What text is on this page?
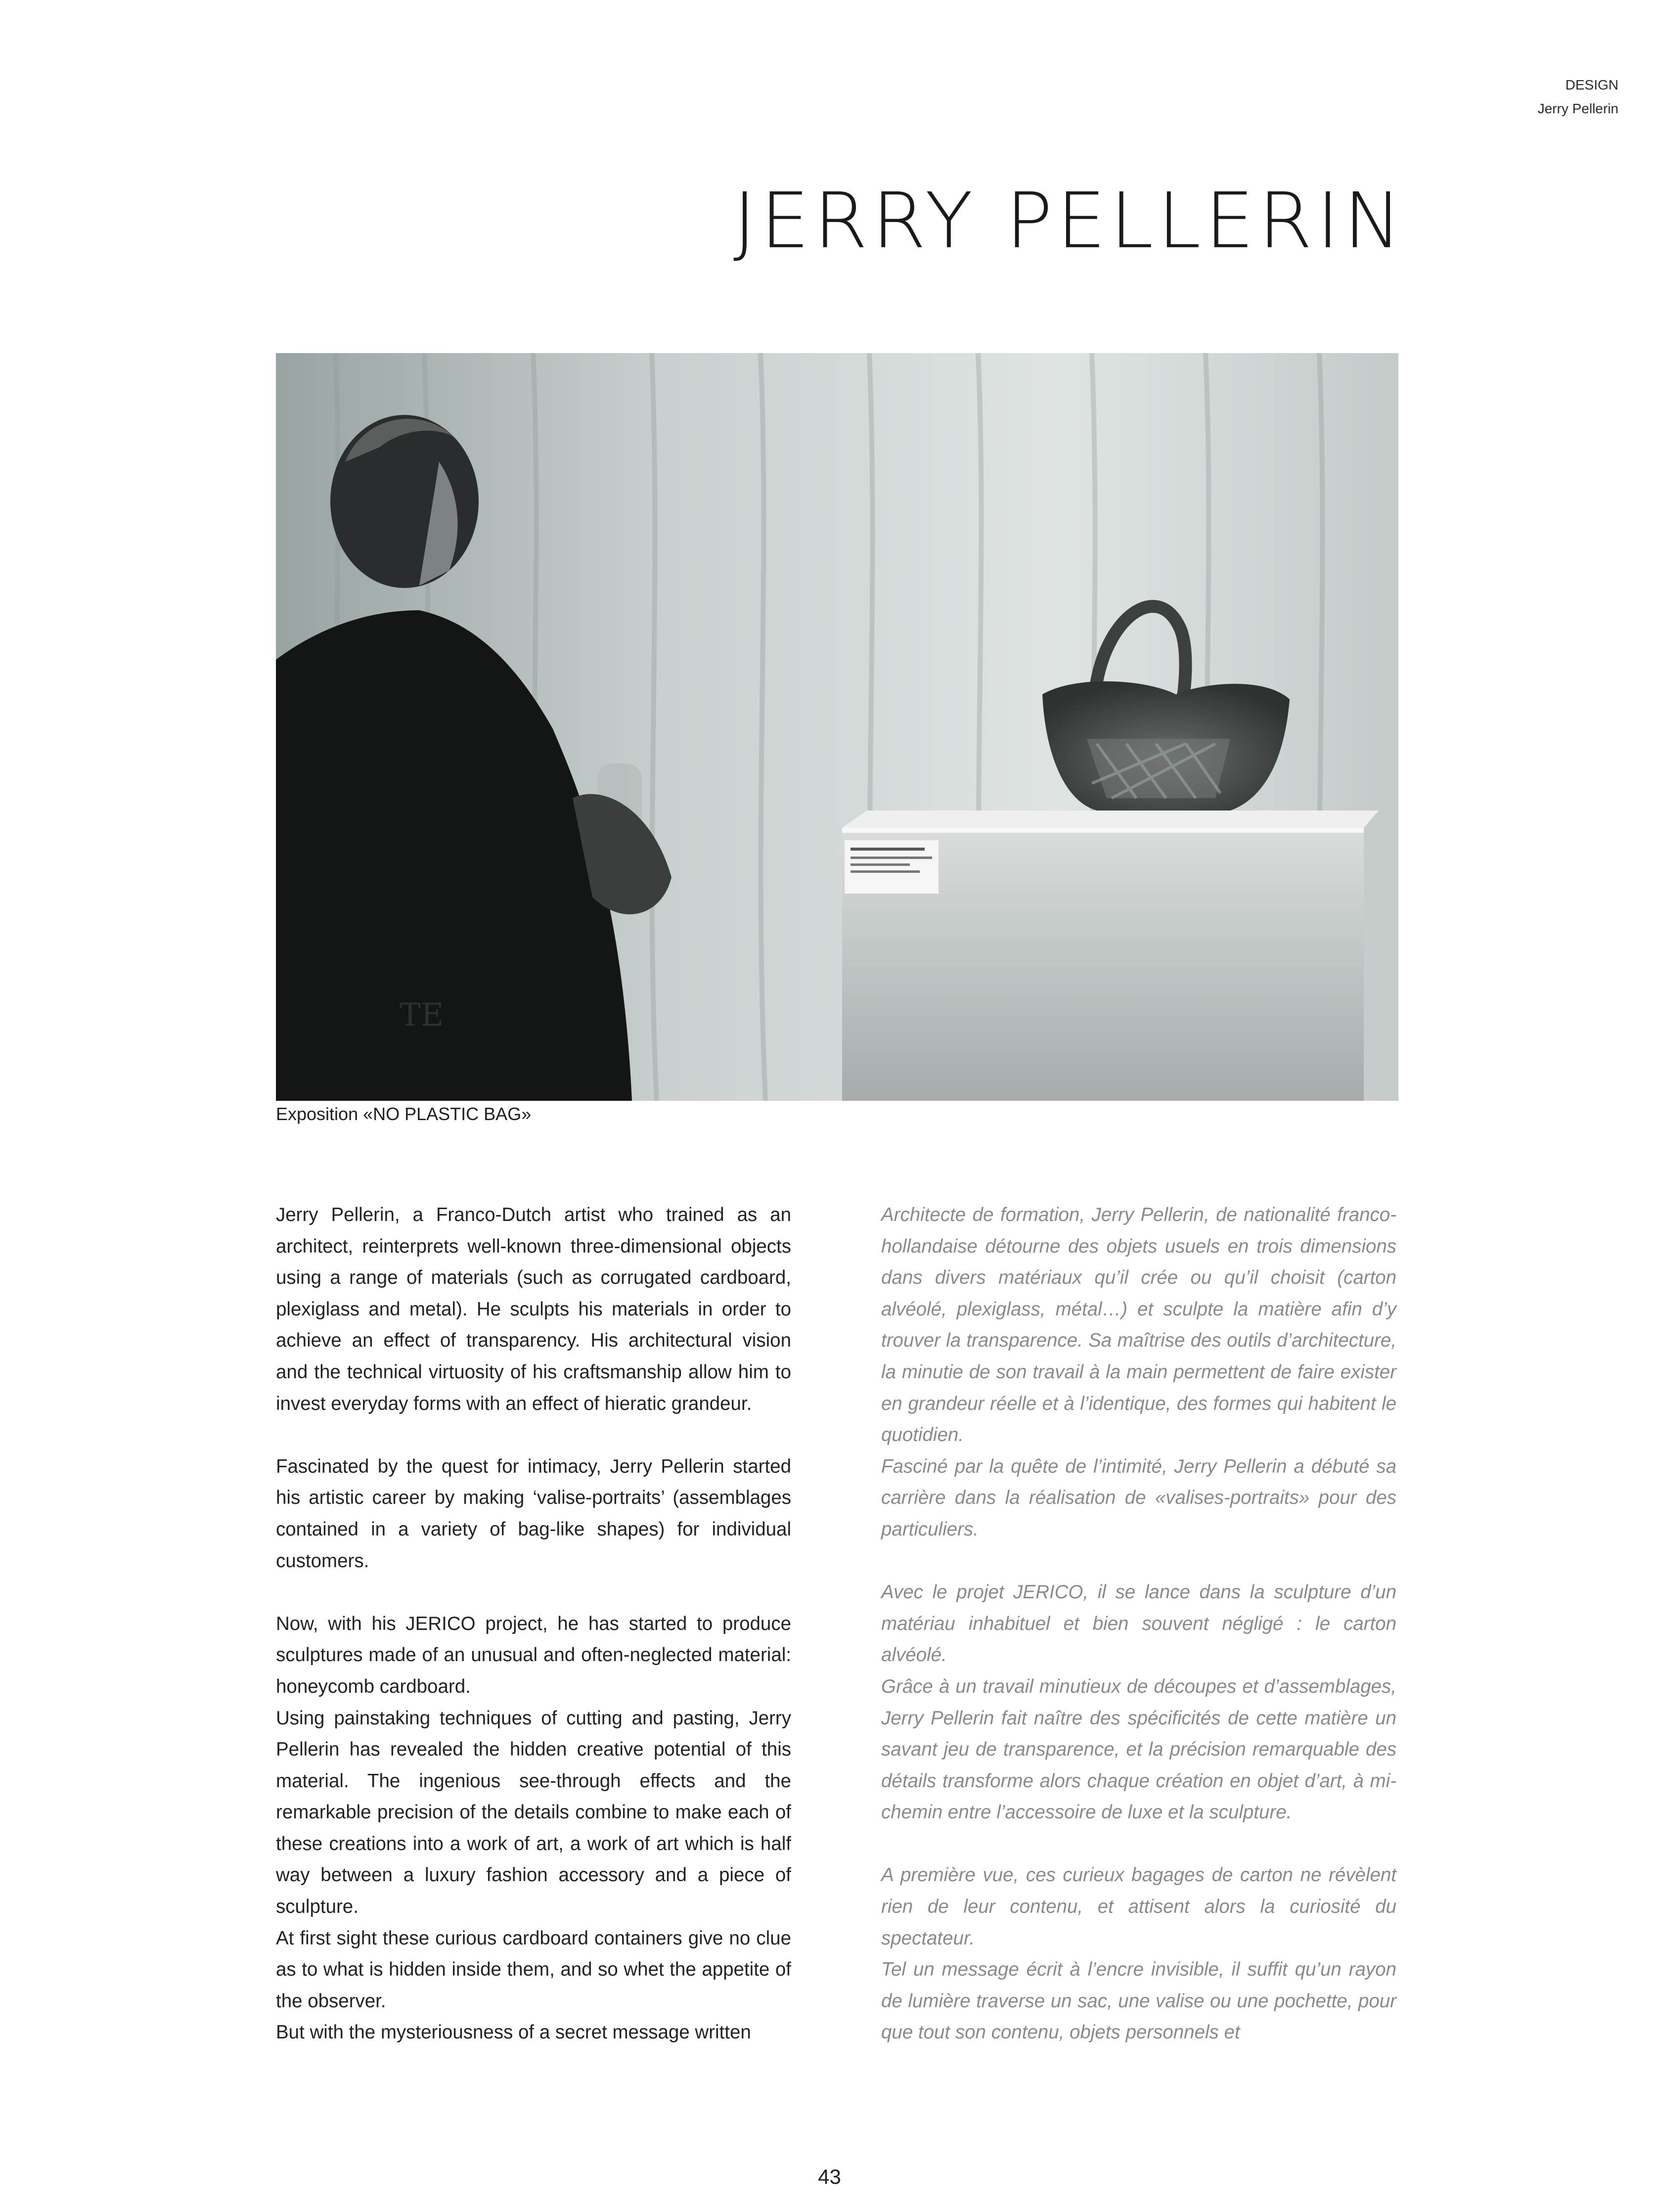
DESIGN
Jerry Pellerin
JERRY PELLERIN
TE
Exposition «NO PLASTIC BAG»

Jerry Pellerin, a Franco-Dutch artist who trained as an architect, reinterprets well-known three-dimensional objects using a range of materials (such as corrugated cardboard, plexiglass and metal). He sculpts his materials in order to achieve an effect of transparency. His architectural vision and the technical virtuosity of his craftsmanship allow him to invest everyday forms with an effect of hieratic grandeur.

Fascinated by the quest for intimacy, Jerry Pellerin started his artistic career by making ‘valise-portraits’ (assemblages contained in a variety of bag-like shapes) for individual customers.

Now, with his JERICO project, he has started to produce sculptures made of an unusual and often-neglected material: honeycomb cardboard.

Using painstaking techniques of cutting and pasting, Jerry Pellerin has revealed the hidden creative potential of this material. The ingenious see-through effects and the remarkable precision of the details combine to make each of these creations into a work of art, a work of art which is half way between a luxury fashion accessory and a piece of sculpture.

At first sight these curious cardboard containers give no clue as to what is hidden inside them, and so whet the appetite of the observer.

But with the mysteriousness of a secret message written

Architecte de formation, Jerry Pellerin, de nationalité franco-hollandaise détourne des objets usuels en trois dimensions dans divers matériaux qu’il crée ou qu’il choisit (carton alvéolé, plexiglass, métal…) et sculpte la matière afin d’y trouver la transparence. Sa maîtrise des outils d’architecture, la minutie de son travail à la main permettent de faire exister en grandeur réelle et à l’identique, des formes qui habitent le quotidien.

Fasciné par la quête de l’intimité, Jerry Pellerin a débuté sa carrière dans la réalisation de «valises-portraits» pour des particuliers.

Avec le projet JERICO, il se lance dans la sculpture d’un matériau inhabituel et bien souvent négligé : le carton alvéolé.

Grâce à un travail minutieux de découpes et d’assemblages, Jerry Pellerin fait naître des spécificités de cette matière un savant jeu de transparence, et la précision remarquable des détails transforme alors chaque création en objet d’art, à mi-chemin entre l’accessoire de luxe et la sculpture.

A première vue, ces curieux bagages de carton ne révèlent rien de leur contenu, et attisent alors la curiosité du spectateur.

Tel un message écrit à l’encre invisible, il suffit qu’un rayon de lumière traverse un sac, une valise ou une pochette, pour que tout son contenu, objets personnels et

43
